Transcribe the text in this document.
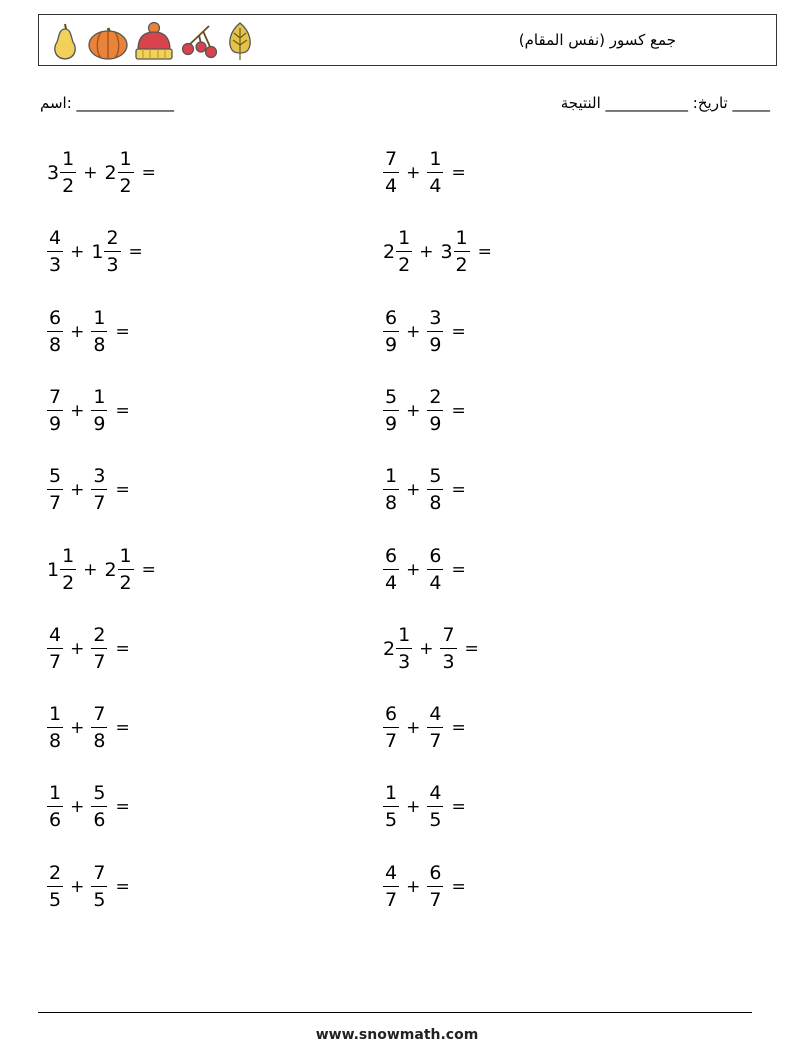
جمع كسور (نفس المقام)
اسم: _____________	تاريخ: ___________ النتيجة _____
$3 \frac{1}{2} + 2 \frac{1}{2}$ =
$\frac{4}{3} + 1 \frac{2}{3}$ =
$\frac{6}{8} + \frac{1}{8}$ =
$\frac{7}{9} + \frac{1}{9}$ =
$\frac{5}{7} + \frac{3}{7}$ =
$1 \frac{1}{2} + 2 \frac{1}{2}$ =
$\frac{4}{7} + \frac{2}{7}$ =
$\frac{1}{8} + \frac{7}{8}$ =
$\frac{1}{6} + \frac{5}{6}$ =
$\frac{2}{5} + \frac{7}{5}$ =
$\frac{7}{4} + \frac{1}{4}$ =
$2 \frac{1}{2} + 3 \frac{1}{2}$ =
$\frac{6}{9} + \frac{3}{9}$ =
$\frac{5}{9} + \frac{2}{9}$ =
$\frac{1}{8} + \frac{5}{8}$ =
$\frac{6}{4} + \frac{6}{4}$ =
$2 \frac{1}{3} + \frac{7}{3}$ =
$\frac{6}{7} + \frac{4}{7}$ =
$\frac{1}{5} + \frac{4}{5}$ =
$\frac{4}{7} + \frac{6}{7}$ =
www.snowmath.com
